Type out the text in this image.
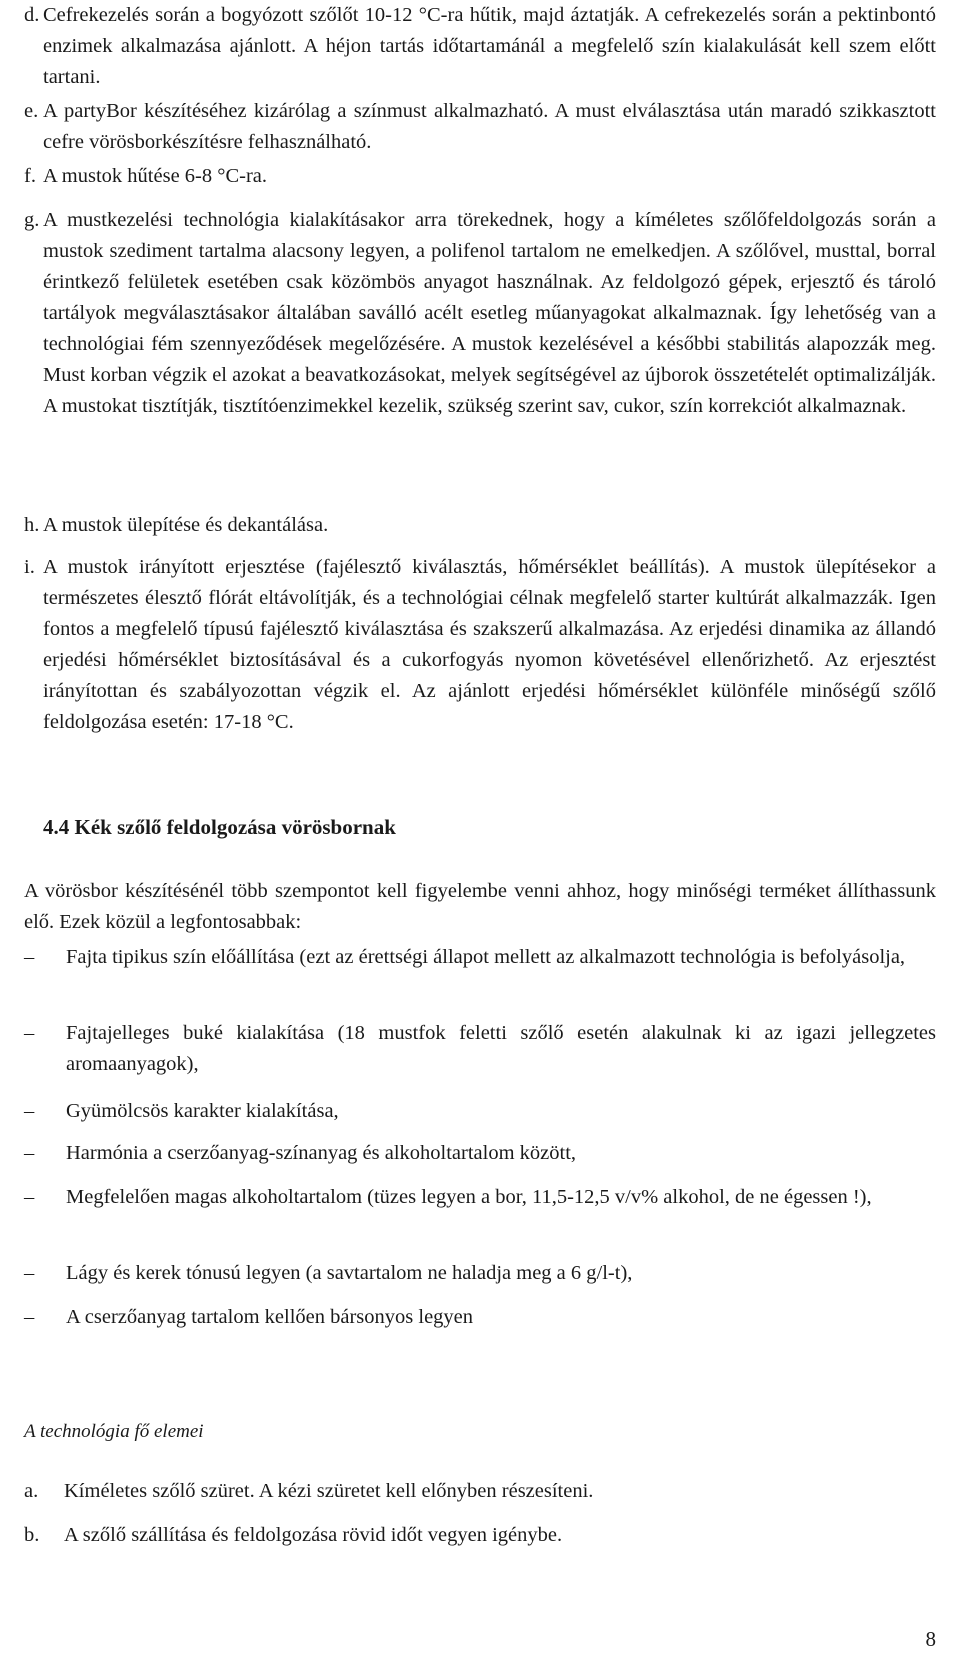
d. Cefrekezelés során a bogyózott szőlőt 10-12 °C-ra hűtik, majd áztatják. A cefrekezelés során a pektinbontó enzimek alkalmazása ajánlott. A héjon tartás időtartamánál a megfelelő szín kialakulását kell szem előtt tartani.
e. A partyBor készítéséhez kizárólag a színmust alkalmazható. A must elválasztása után maradó szikkasztott cefre vörösborkészítésre felhasználható.
f. A mustok hűtése 6-8 °C-ra.
g. A mustkezelési technológia kialakításakor arra törekednek, hogy a kíméletes szőlőfeldolgozás során a mustok szediment tartalma alacsony legyen, a polifenol tartalom ne emelkedjen. A szőlővel, musttal, borral érintkező felületek esetében csak közömbös anyagot használnak. Az feldolgozó gépek, erjesztő és tároló tartályok megválasztásakor általában saválló acélt esetleg műanyagokat alkalmaznak. Így lehetőség van a technológiai fém szennyeződések megelőzésére. A mustok kezelésével a későbbi stabilitás alapozzák meg. Must korban végzik el azokat a beavatkozásokat, melyek segítségével az újborok összetételét optimalizálják. A mustokat tisztítják, tisztítóenzimekkel kezelik, szükség szerint sav, cukor, szín korrekciót alkalmaznak.
h. A mustok ülepítése és dekantálása.
i. A mustok irányított erjesztése (fajélesztő kiválasztás, hőmérséklet beállítás). A mustok ülepítésekor a természetes élesztő flórát eltávolítják, és a technológiai célnak megfelelő starter kultúrát alkalmazzák. Igen fontos a megfelelő típusú fajélesztő kiválasztása és szakszerű alkalmazása. Az erjedési dinamika az állandó erjedési hőmérséklet biztosításával és a cukorfogyás nyomon követésével ellenőrizhető. Az erjesztést irányítottan és szabályozottan végzik el. Az ajánlott erjedési hőmérséklet különféle minőségű szőlő feldolgozása esetén: 17-18 °C.
4.4 Kék szőlő feldolgozása vörösbornak
A vörösbor készítésénél több szempontot kell figyelembe venni ahhoz, hogy minőségi terméket állíthassunk elő. Ezek közül a legfontosabbak:
–	Fajta tipikus szín előállítása (ezt az érettségi állapot mellett az alkalmazott technológia is befolyásolja,
–	Fajtajelleges buké kialakítása (18 mustfok feletti szőlő esetén alakulnak ki az igazi jellegzetes aromaanyagok),
–	Gyümölcsös karakter kialakítása,
–	Harmónia a cserzőanyag-színanyag és alkoholtartalom között,
–	Megfelelően magas alkoholtartalom (tüzes legyen a bor, 11,5-12,5 v/v% alkohol, de ne égessen !),
–	Lágy és kerek tónusú legyen (a savtartalom ne haladja meg a 6 g/l-t),
–	A cserzőanyag tartalom kellően bársonyos legyen
A technológia fő elemei
a. Kíméletes szőlő szüret. A kézi szüretet kell előnyben részesíteni.
b. A szőlő szállítása és feldolgozása rövid időt vegyen igénybe.
8
